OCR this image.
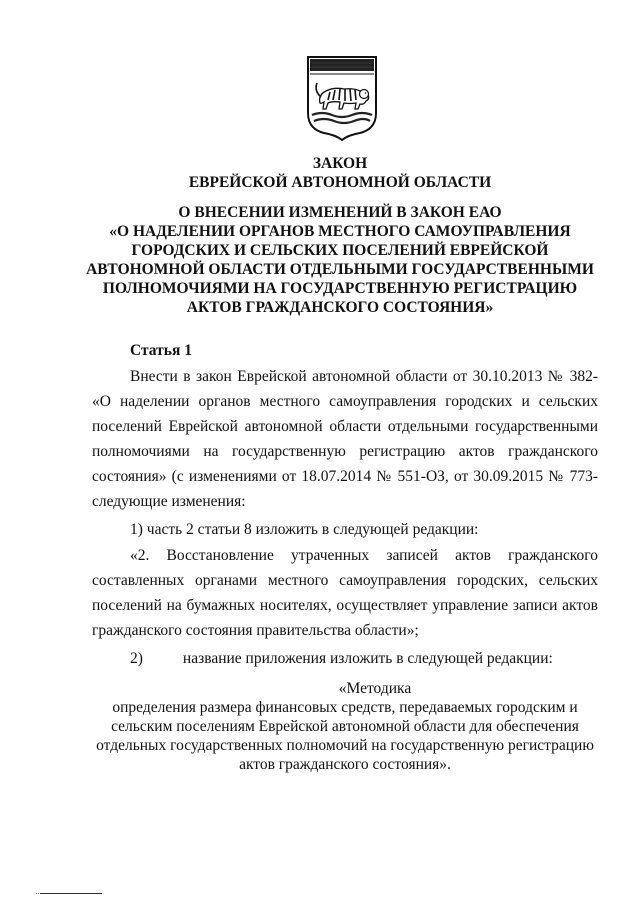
ЗАКОН
ЕВРЕЙСКОЙ АВТОНОМНОЙ ОБЛАСТИ
О ВНЕСЕНИИ ИЗМЕНЕНИЙ В ЗАКОН ЕАО
«О НАДЕЛЕНИИ ОРГАНОВ МЕСТНОГО САМОУПРАВЛЕНИЯ
ГОРОДСКИХ И СЕЛЬСКИХ ПОСЕЛЕНИЙ ЕВРЕЙСКОЙ
АВТОНОМНОЙ ОБЛАСТИ ОТДЕЛЬНЫМИ ГОСУДАРСТВЕННЫМИ
ПОЛНОМОЧИЯМИ НА ГОСУДАРСТВЕННУЮ РЕГИСТРАЦИЮ
АКТОВ ГРАЖДАНСКОГО СОСТОЯНИЯ»
Статья 1
Внести в закон Еврейской автономной области от 30.10.2013 № 382-
«О наделении органов местного самоуправления городских и сельских
поселений Еврейской автономной области отдельными государственными
полномочиями на государственную регистрацию актов гражданского
состояния» (с изменениями от 18.07.2014 № 551-ОЗ, от 30.09.2015 № 773-
следующие изменения:
1) часть 2 статьи 8 изложить в следующей редакции:
«2. Восстановление утраченных записей актов гражданского
составленных органами местного самоуправления городских, сельских
поселений на бумажных носителях, осуществляет управление записи актов
гражданского состояния правительства области»;
2)	название приложения изложить в следующей редакции:
«Методика
определения размера финансовых средств, передаваемых городским и
сельским поселениям Еврейской автономной области для обеспечения
отдельных государственных полномочий на государственную регистрацию
актов гражданского состояния».
